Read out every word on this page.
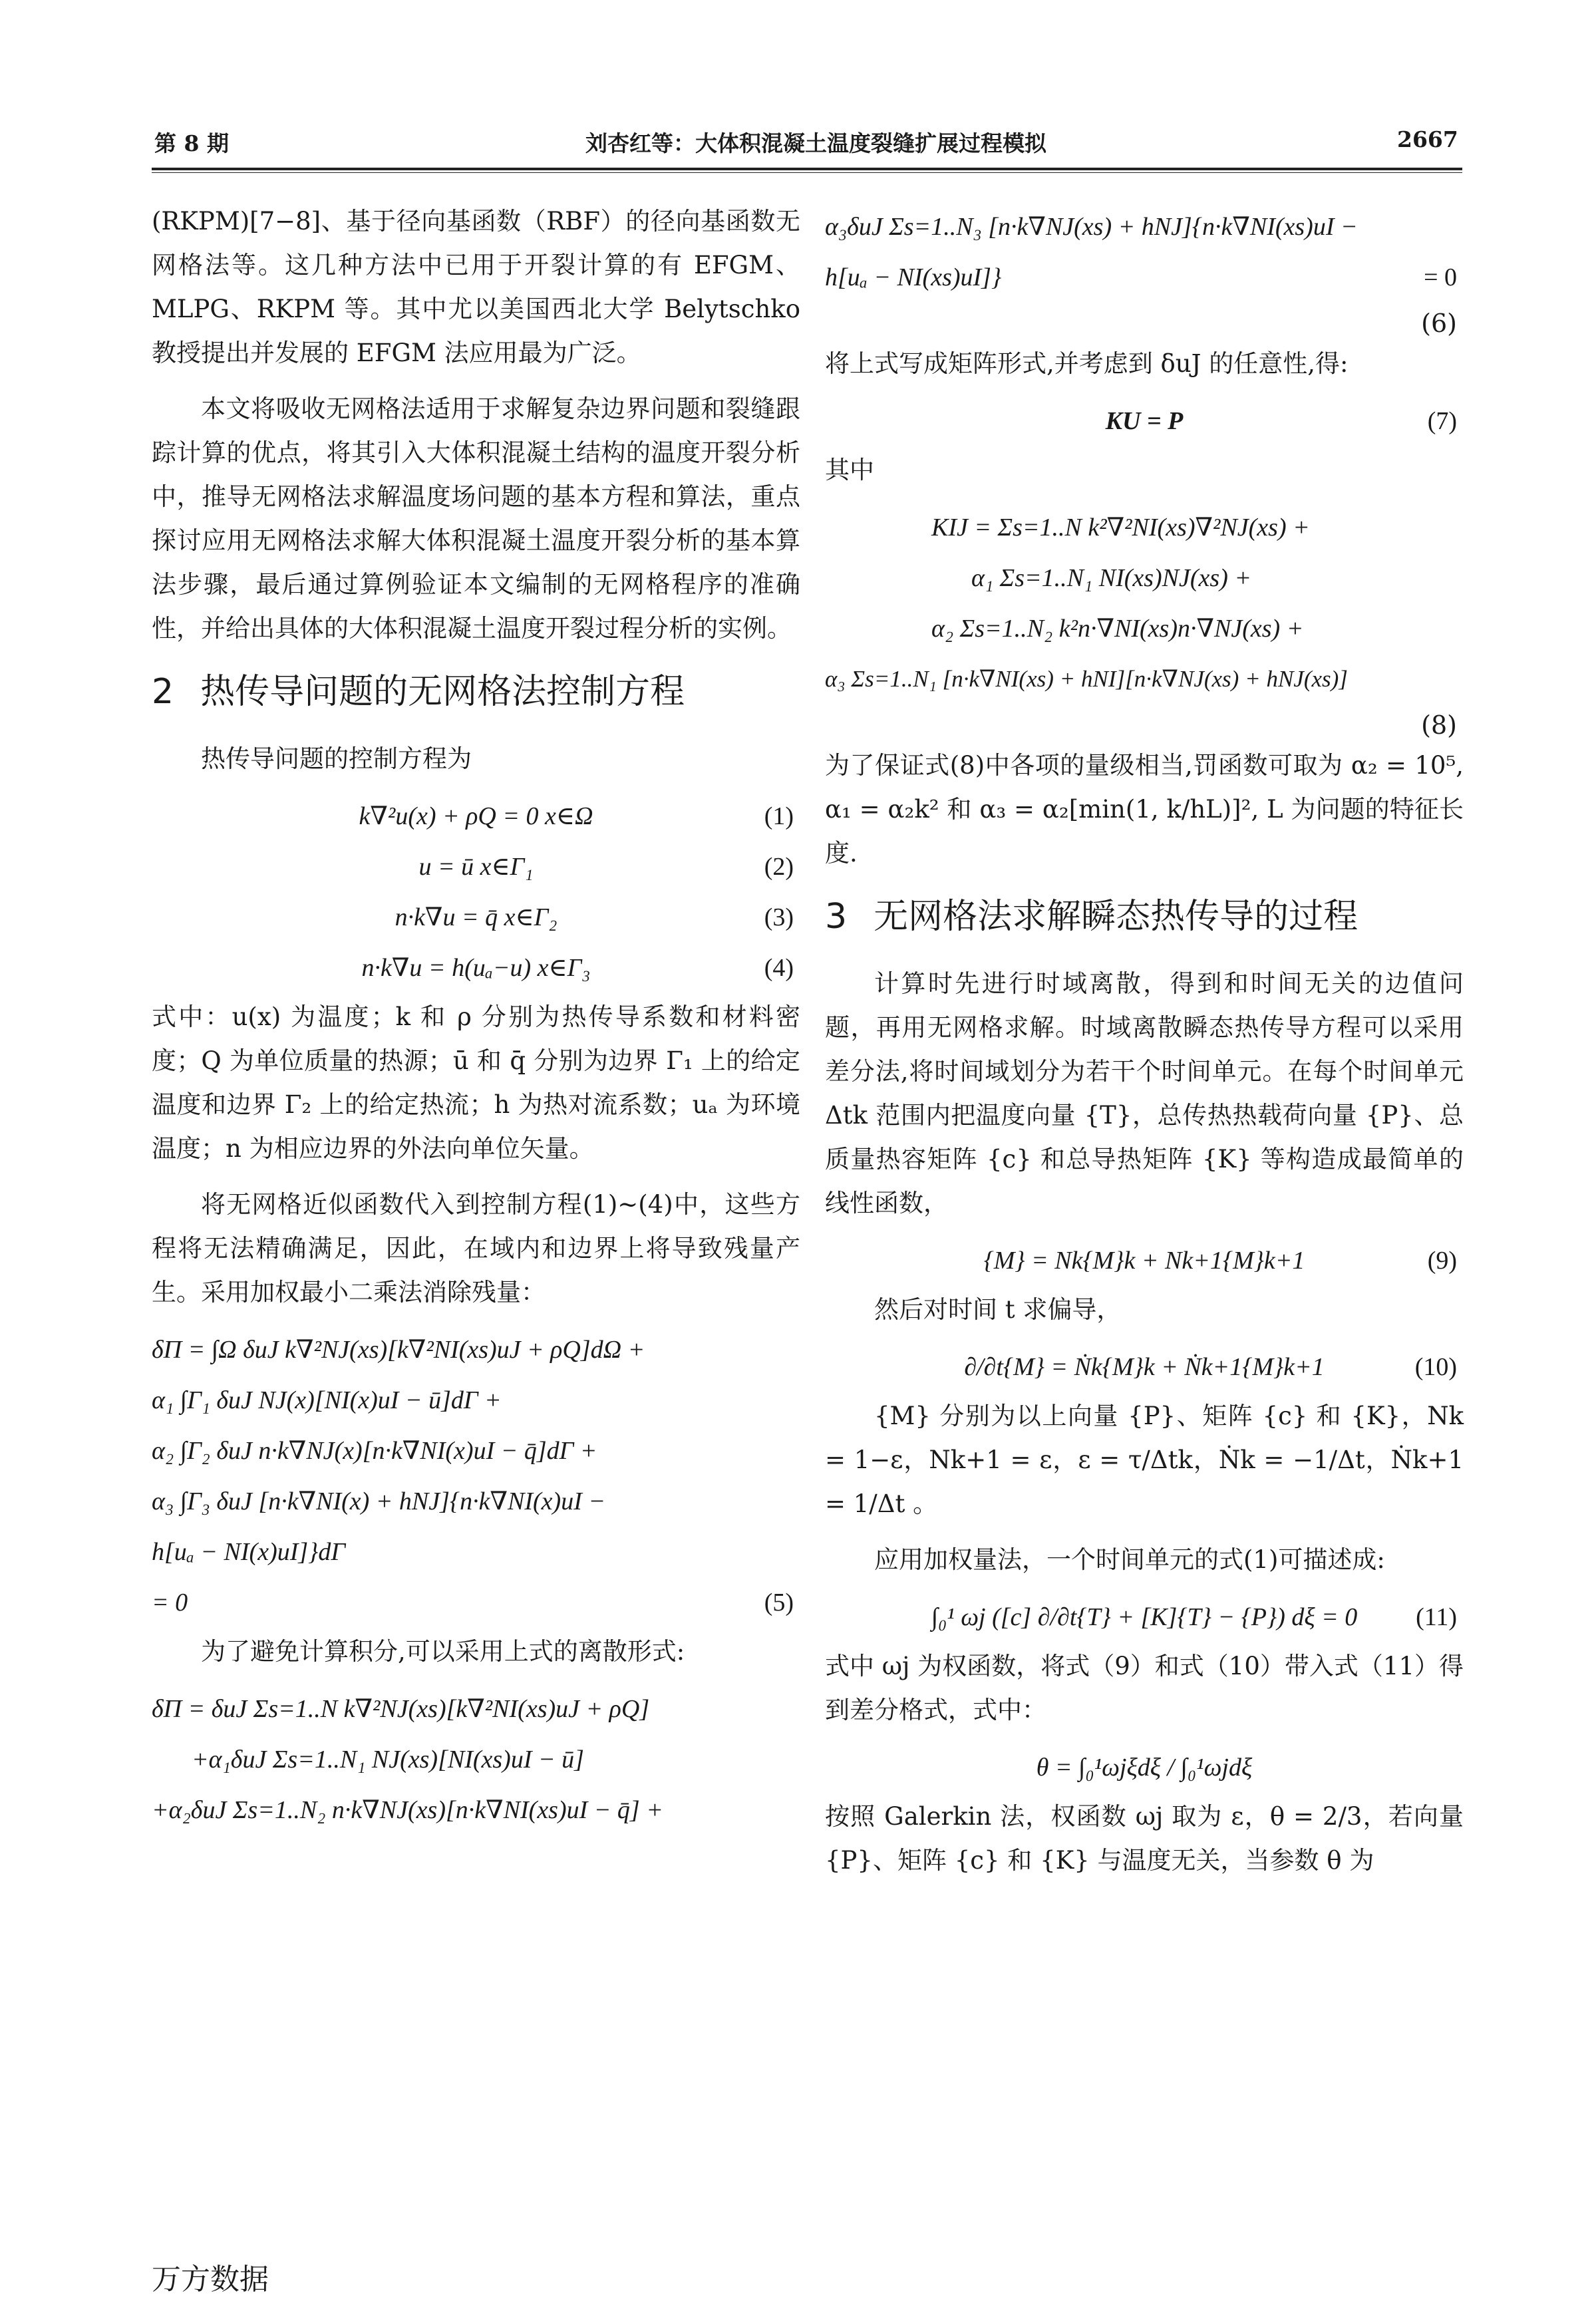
第 8 期	刘杏红等：大体积混凝土温度裂缝扩展过程模拟	2667

(RKPM)[7−8]、基于径向基函数（RBF）的径向基函数无网格法等。这几种方法中已用于开裂计算的有 EFGM、MLPG、RKPM 等。其中尤以美国西北大学 Belytschko 教授提出并发展的 EFGM 法应用最为广泛。

本文将吸收无网格法适用于求解复杂边界问题和裂缝跟踪计算的优点，将其引入大体积混凝土结构的温度开裂分析中，推导无网格法求解温度场问题的基本方程和算法，重点探讨应用无网格法求解大体积混凝土温度开裂分析的基本算法步骤，最后通过算例验证本文编制的无网格程序的准确性，并给出具体的大体积混凝土温度开裂过程分析的实例。

2 热传导问题的无网格法控制方程

热传导问题的控制方程为

k∇²u(x) + ρQ = 0 x∈Ω	(1)
u = ū x∈Γ₁	(2)
n·k∇u = q̄ x∈Γ₂	(3)
n·k∇u = h(uₐ−u) x∈Γ₃	(4)

式中：u(x) 为温度；k 和 ρ 分别为热传导系数和材料密度；Q 为单位质量的热源；ū 和 q̄ 分别为边界 Γ₁ 上的给定温度和边界 Γ₂ 上的给定热流；h 为热对流系数；uₐ 为环境温度；n 为相应边界的外法向单位矢量。

将无网格近似函数代入到控制方程(1)~(4)中，这些方程将无法精确满足，因此，在域内和边界上将导致残量产生。采用加权最小二乘法消除残量：

δΠ = ∫Ω δuJ k∇²NJ(xs)[k∇²NI(xs)uJ + ρQ]dΩ +
α₁ ∫Γ₁ δuJ NJ(x)[NI(x)uI − ū]dΓ +
α₂ ∫Γ₂ δuJ n·k∇NJ(x)[n·k∇NI(x)uI − q̄]dΓ +
α₃ ∫Γ₃ δuJ [n·k∇NI(x) + hNJ]{n·k∇NI(x)uI −
h[uₐ − NI(x)uI]}dΓ
= 0	(5)

为了避免计算积分,可以采用上式的离散形式:

δΠ = δuJ Σs=1..N k∇²NJ(xs)[k∇²NI(xs)uJ + ρQ]
+α₁δuJ Σs=1..N₁ NJ(xs)[NI(xs)uI − ū]
+α₂δuJ Σs=1..N₂ n·k∇NJ(xs)[n·k∇NI(xs)uI − q̄] +
α₃δuJ Σs=1..N₃ [n·k∇NJ(xs) + hNJ]{n·k∇NI(xs)uI −
h[uₐ − NI(xs)uI]}	= 0
(6)

将上式写成矩阵形式,并考虑到 δuJ 的任意性,得:

KU = P	(7)

其中

KIJ = Σs=1..N k²∇²NI(xs)∇²NJ(xs) +
α₁ Σs=1..N₁ NI(xs)NJ(xs) +
α₂ Σs=1..N₂ k²n·∇NI(xs)n·∇NJ(xs) +
α₃ Σs=1..N₁ [n·k∇NI(xs) + hNI][n·k∇NJ(xs) + hNJ(xs)]
(8)

为了保证式(8)中各项的量级相当,罚函数可取为 α₂ = 10⁵, α₁ = α₂k² 和 α₃ = α₂[min(1, k/hL)]², L 为问题的特征长度.

3 无网格法求解瞬态热传导的过程

计算时先进行时域离散，得到和时间无关的边值问题，再用无网格求解。时域离散瞬态热传导方程可以采用差分法,将时间域划分为若干个时间单元。在每个时间单元 Δtk 范围内把温度向量 {T}，总传热热载荷向量 {P}、总质量热容矩阵 {c} 和总导热矩阵 {K} 等构造成最简单的线性函数，

{M} = Nk{M}k + Nk+1{M}k+1	(9)

然后对时间 t 求偏导，

∂/∂t{M} = Ṅk{M}k + Ṅk+1{M}k+1	(10)

{M} 分别为以上向量 {P}、矩阵 {c} 和 {K}，Nk = 1−ε，Nk+1 = ε，ε = τ/Δtk，Ṅk = −1/Δt，Ṅk+1 = 1/Δt 。

应用加权量法，一个时间单元的式(1)可描述成:

∫₀¹ ωj ([c] ∂/∂t{T} + [K]{T} − {P}) dξ = 0 (11)

式中 ωj 为权函数，将式（9）和式（10）带入式（11）得到差分格式，式中：

θ = ∫₀¹ωjξdξ / ∫₀¹ωjdξ

按照 Galerkin 法，权函数 ωj 取为 ε，θ = 2/3，若向量 {P}、矩阵 {c} 和 {K} 与温度无关，当参数 θ 为

万方数据
